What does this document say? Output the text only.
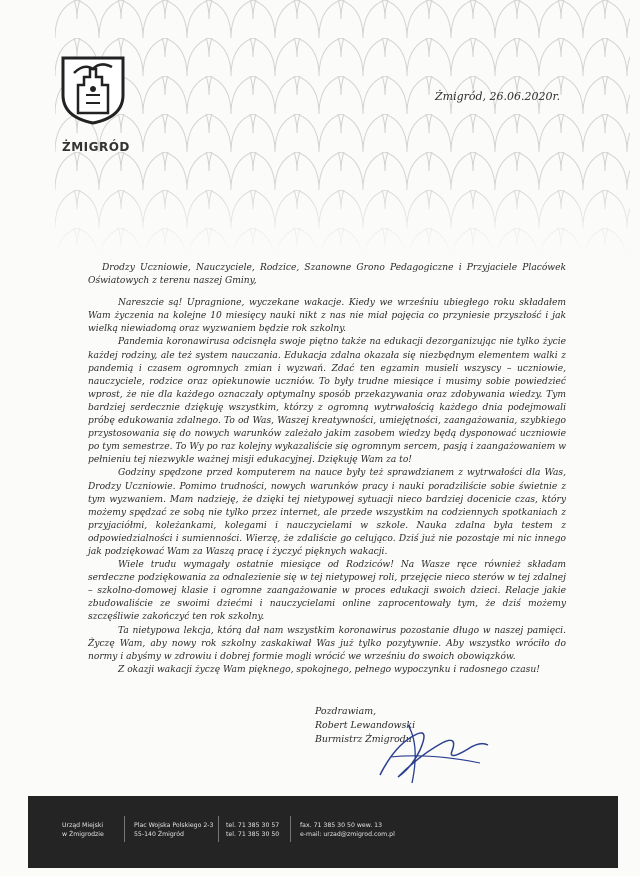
ŻMIGRÓD
Żmigród, 26.06.2020r.

Drodzy Uczniowie, Nauczyciele, Rodzice, Szanowne Grono Pedagogiczne i Przyjaciele Placówek Oświatowych z terenu naszej Gminy,

Nareszcie są! Upragnione, wyczekane wakacje. Kiedy we wrześniu ubiegłego roku składałem Wam życzenia na kolejne 10 miesięcy nauki nikt z nas nie miał pojęcia co przyniesie przyszłość i jak wielką niewiadomą oraz wyzwaniem będzie rok szkolny.

Pandemia koronawirusa odcisnęła swoje piętno także na edukacji dezorganizując nie tylko życie każdej rodziny, ale też system nauczania. Edukacja zdalna okazała się niezbędnym elementem walki z pandemią i czasem ogromnych zmian i wyzwań. Zdać ten egzamin musieli wszyscy – uczniowie, nauczyciele, rodzice oraz opiekunowie uczniów. To były trudne miesiące i musimy sobie powiedzieć wprost, że nie dla każdego oznaczały optymalny sposób przekazywania oraz zdobywania wiedzy. Tym bardziej serdecznie dziękuję wszystkim, którzy z ogromną wytrwałością każdego dnia podejmowali próbę edukowania zdalnego. To od Was, Waszej kreatywności, umiejętności, zaangażowania, szybkiego przystosowania się do nowych warunków zależało jakim zasobem wiedzy będą dysponować uczniowie po tym semestrze. To Wy po raz kolejny wykazaliście się ogromnym sercem, pasją i zaangażowaniem w pełnieniu tej niezwykle ważnej misji edukacyjnej. Dziękuję Wam za to!

Godziny spędzone przed komputerem na nauce były też sprawdzianem z wytrwałości dla Was, Drodzy Uczniowie. Pomimo trudności, nowych warunków pracy i nauki poradziliście sobie świetnie z tym wyzwaniem. Mam nadzieję, że dzięki tej nietypowej sytuacji nieco bardziej docenicie czas, który możemy spędzać ze sobą nie tylko przez internet, ale przede wszystkim na codziennych spotkaniach z przyjaciółmi, koleżankami, kolegami i nauczycielami w szkole. Nauka zdalna była testem z odpowiedzialności i sumienności. Wierzę, że zdaliście go celująco. Dziś już nie pozostaje mi nic innego jak podziękować Wam za Waszą pracę i życzyć pięknych wakacji.

Wiele trudu wymagały ostatnie miesiące od Rodziców! Na Wasze ręce również składam serdeczne podziękowania za odnalezienie się w tej nietypowej roli, przejęcie nieco sterów w tej zdalnej – szkolno-domowej klasie i ogromne zaangażowanie w proces edukacji swoich dzieci. Relacje jakie zbudowaliście ze swoimi dziećmi i nauczycielami online zaprocentowały tym, że dziś możemy szczęśliwie zakończyć ten rok szkolny.

Ta nietypowa lekcja, którą dał nam wszystkim koronawirus pozostanie długo w naszej pamięci. Życzę Wam, aby nowy rok szkolny zaskakiwał Was już tylko pozytywnie. Aby wszystko wróciło do normy i abyśmy w zdrowiu i dobrej formie mogli wrócić we wrześniu do swoich obowiązków.

Z okazji wakacji życzę Wam pięknego, spokojnego, pełnego wypoczynku i radosnego czasu!

Pozdrawiam,
Robert Lewandowski
Burmistrz Żmigrodu
Urząd Miejski
w Żmigrodzie
Plac Wojska Polskiego 2-3
55-140 Żmigród
tel. 71 385 30 57
tel. 71 385 30 50
fax. 71 385 30 50 wew. 13
e-mail: urzad@zmigrod.com.pl
